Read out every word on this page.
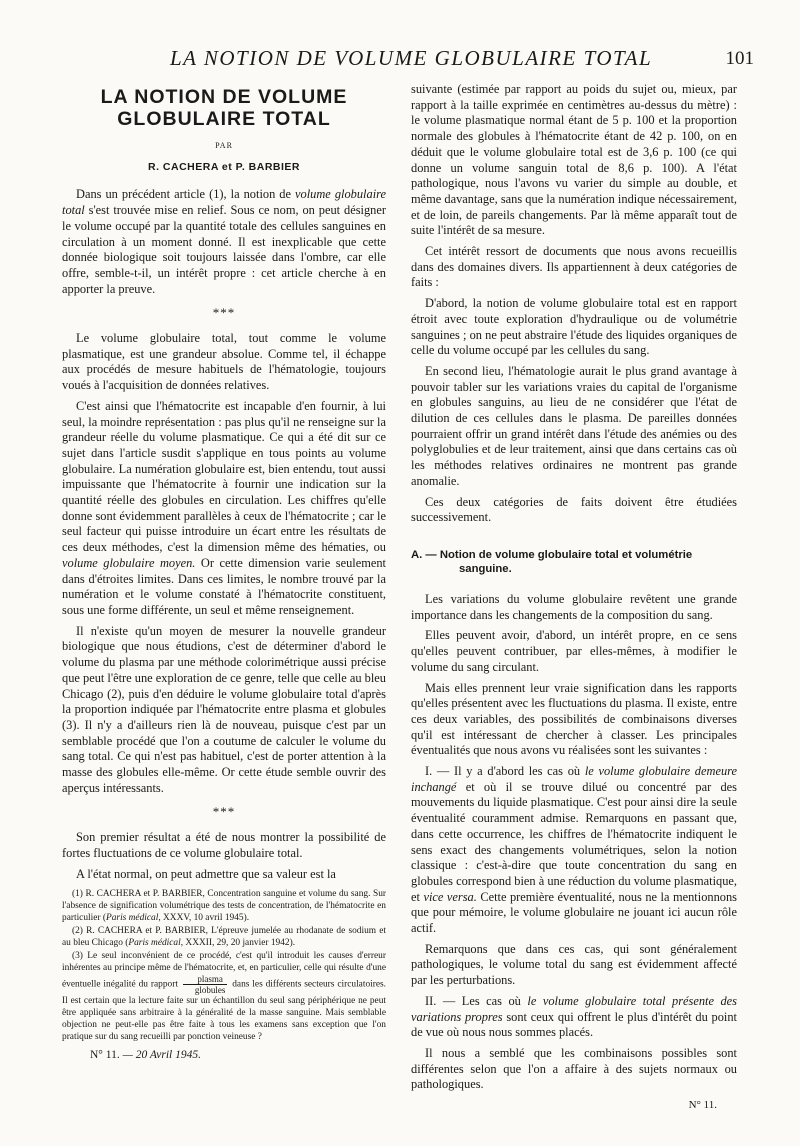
LA NOTION DE VOLUME GLOBULAIRE TOTAL	101
LA NOTION DE VOLUME
GLOBULAIRE TOTAL
PAR
R. CACHERA et P. BARBIER

Dans un précédent article (1), la notion de volume globulaire total s'est trouvée mise en relief. Sous ce nom, on peut désigner le volume occupé par la quantité totale des cellules sanguines en circulation à un moment donné. Il est inexplicable que cette donnée biologique soit toujours laissée dans l'ombre, car elle offre, semble-t-il, un intérêt propre : cet article cherche à en apporter la preuve.

***

Le volume globulaire total, tout comme le volume plasmatique, est une grandeur absolue. Comme tel, il échappe aux procédés de mesure habituels de l'hématologie, toujours voués à l'acquisition de données relatives.

C'est ainsi que l'hématocrite est incapable d'en fournir, à lui seul, la moindre représentation : pas plus qu'il ne renseigne sur la grandeur réelle du volume plasmatique. Ce qui a été dit sur ce sujet dans l'article susdit s'applique en tous points au volume globulaire. La numération globulaire est, bien entendu, tout aussi impuissante que l'hématocrite à fournir une indication sur la quantité réelle des globules en circulation. Les chiffres qu'elle donne sont évidemment parallèles à ceux de l'hématocrite ; car le seul facteur qui puisse introduire un écart entre les résultats de ces deux méthodes, c'est la dimension même des hématies, ou volume globulaire moyen. Or cette dimension varie seulement dans d'étroites limites. Dans ces limites, le nombre trouvé par la numération et le volume constaté à l'hématocrite constituent, sous une forme différente, un seul et même renseignement.

Il n'existe qu'un moyen de mesurer la nouvelle grandeur biologique que nous étudions, c'est de déterminer d'abord le volume du plasma par une méthode colorimétrique aussi précise que peut l'être une exploration de ce genre, telle que celle au bleu Chicago (2), puis d'en déduire le volume globulaire total d'après la proportion indiquée par l'hématocrite entre plasma et globules (3). Il n'y a d'ailleurs rien là de nouveau, puisque c'est par un semblable procédé que l'on a coutume de calculer le volume du sang total. Ce qui n'est pas habituel, c'est de porter attention à la masse des globules elle-même. Or cette étude semble ouvrir des aperçus intéressants.

***

Son premier résultat a été de nous montrer la possibilité de fortes fluctuations de ce volume globulaire total.

A l'état normal, on peut admettre que sa valeur est la

(1) R. CACHERA et P. BARBIER, Concentration sanguine et volume du sang. Sur l'absence de signification volumétrique des tests de concentration, de l'hématocrite en particulier (Paris médical, XXXV, 10 avril 1945).

(2) R. CACHERA et P. BARBIER, L'épreuve jumelée au rhodanate de sodium et au bleu Chicago (Paris médical, XXXII, 29, 20 janvier 1942).

(3) Le seul inconvénient de ce procédé, c'est qu'il introduit les causes d'erreur inhérentes au principe même de l'hématocrite, et, en particulier, celle qui résulte d'une éventuelle inégalité du rapport $\frac{\text{plasma}}{\text{globules}}$ dans les différents secteurs circulatoires. Il est certain que la lecture faite sur un échantillon du seul sang périphérique ne peut être appliquée sans arbitraire à la généralité de la masse sanguine. Mais semblable objection ne peut-elle pas être faite à tous les examens sans exception que l'on pratique sur du sang recueilli par ponction veineuse ?

N° 11. — 20 Avril 1945.

suivante (estimée par rapport au poids du sujet ou, mieux, par rapport à la taille exprimée en centimètres au-dessus du mètre) : le volume plasmatique normal étant de 5 p. 100 et la proportion normale des globules à l'hématocrite étant de 42 p. 100, on en déduit que le volume globulaire total est de 3,6 p. 100 (ce qui donne un volume sanguin total de 8,6 p. 100). A l'état pathologique, nous l'avons vu varier du simple au double, et même davantage, sans que la numération indique nécessairement, et de loin, de pareils changements. Par là même apparaît tout de suite l'intérêt de sa mesure.

Cet intérêt ressort de documents que nous avons recueillis dans des domaines divers. Ils appartiennent à deux catégories de faits :

D'abord, la notion de volume globulaire total est en rapport étroit avec toute exploration d'hydraulique ou de volumétrie sanguines ; on ne peut abstraire l'étude des liquides organiques de celle du volume occupé par les cellules du sang.

En second lieu, l'hématologie aurait le plus grand avantage à pouvoir tabler sur les variations vraies du capital de l'organisme en globules sanguins, au lieu de ne considérer que l'état de dilution de ces cellules dans le plasma. De pareilles données pourraient offrir un grand intérêt dans l'étude des anémies ou des polyglobulies et de leur traitement, ainsi que dans certains cas où les méthodes relatives ordinaires ne montrent pas grande anomalie.

Ces deux catégories de faits doivent être étudiées successivement.

A. — Notion de volume globulaire total et volumétrie sanguine.

Les variations du volume globulaire revêtent une grande importance dans les changements de la composition du sang.

Elles peuvent avoir, d'abord, un intérêt propre, en ce sens qu'elles peuvent contribuer, par elles-mêmes, à modifier le volume du sang circulant.

Mais elles prennent leur vraie signification dans les rapports qu'elles présentent avec les fluctuations du plasma. Il existe, entre ces deux variables, des possibilités de combinaisons diverses qu'il est intéressant de chercher à classer. Les principales éventualités que nous avons vu réalisées sont les suivantes :

I. — Il y a d'abord les cas où le volume globulaire demeure inchangé et où il se trouve dilué ou concentré par des mouvements du liquide plasmatique. C'est pour ainsi dire la seule éventualité couramment admise. Remarquons en passant que, dans cette occurrence, les chiffres de l'hématocrite indiquent le sens exact des changements volumétriques, selon la notion classique : c'est-à-dire que toute concentration du sang en globules correspond bien à une réduction du volume plasmatique, et vice versa. Cette première éventualité, nous ne la mentionnons que pour mémoire, le volume globulaire ne jouant ici aucun rôle actif.

Remarquons que dans ces cas, qui sont généralement pathologiques, le volume total du sang est évidemment affecté par les perturbations.

II. — Les cas où le volume globulaire total présente des variations propres sont ceux qui offrent le plus d'intérêt du point de vue où nous nous sommes placés.

Il nous a semblé que les combinaisons possibles sont différentes selon que l'on a affaire à des sujets normaux ou pathologiques.

N° 11.
